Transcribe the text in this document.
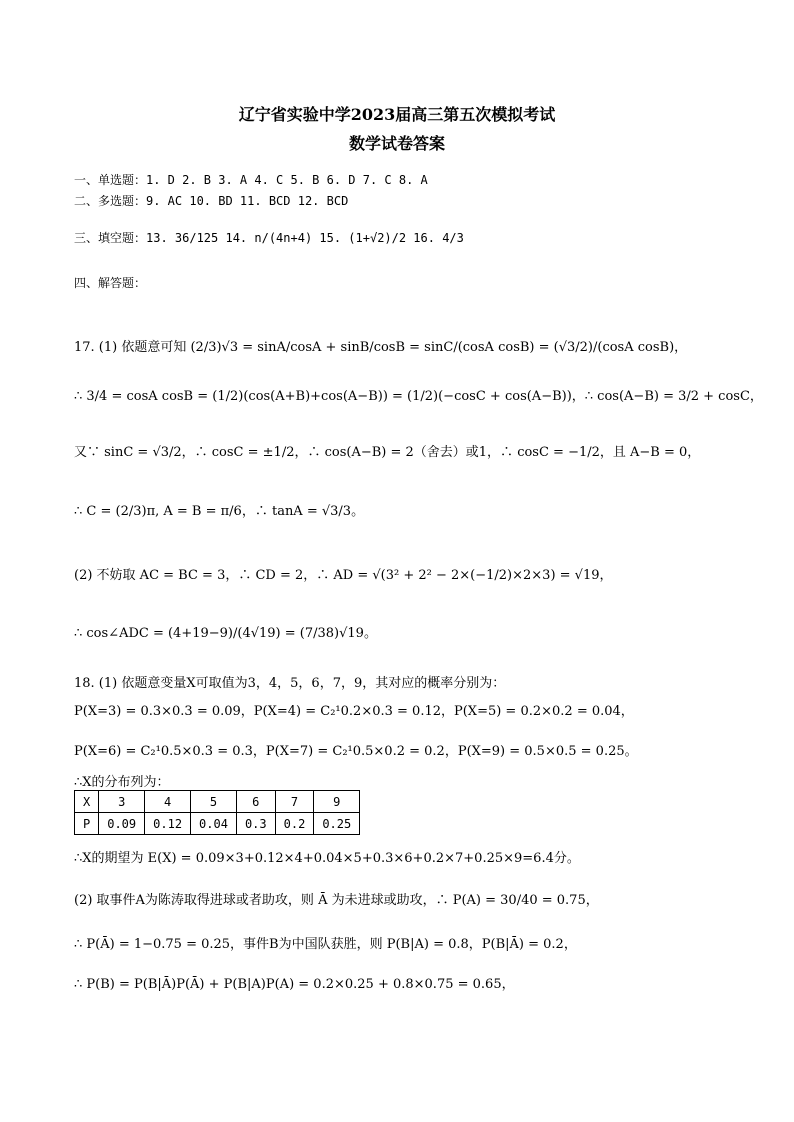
辽宁省实验中学2023届高三第五次模拟考试
数学试卷答案
一、单选题：1. D 2. B 3. A 4. C 5. B 6. D 7. C 8. A
二、多选题：9. AC 10. BD 11. BCD 12. BCD
三、填空题：13. 36/125 14. n/(4n+4) 15. (1+√2)/2 16. 4/3
四、解答题：
17. (1) 依题意可知 (2/3)√3 = sinA/cosA + sinB/cosB = sinC/(cosA cosB) = (√3/2)/(cosA cosB)，
∴ 3/4 = cosA cosB = (1/2)(cos(A+B)+cos(A−B)) = (1/2)(−cosC + cos(A−B))，∴ cos(A−B) = 3/2 + cosC，
又∵ sinC = √3/2，∴ cosC = ±1/2，∴ cos(A−B) = 2（舍去）或1，∴ cosC = −1/2，且 A−B = 0，
∴ C = (2/3)π, A = B = π/6，∴ tanA = √3/3。
(2) 不妨取 AC = BC = 3，∴ CD = 2，∴ AD = √(3² + 2² − 2×(−1/2)×2×3) = √19，
∴ cos∠ADC = (4+19−9)/(4√19) = (7/38)√19。
18. (1) 依题意变量X可取值为3，4，5，6，7，9，其对应的概率分别为：
P(X=3) = 0.3×0.3 = 0.09，P(X=4) = C₂¹0.2×0.3 = 0.12，P(X=5) = 0.2×0.2 = 0.04，
P(X=6) = C₂¹0.5×0.3 = 0.3，P(X=7) = C₂¹0.5×0.2 = 0.2，P(X=9) = 0.5×0.5 = 0.25。
∴X的分布列为：
X	3	4	5	6	7	9
P	0.09	0.12	0.04	0.3	0.2	0.25
∴X的期望为 E(X) = 0.09×3+0.12×4+0.04×5+0.3×6+0.2×7+0.25×9=6.4分。
(2) 取事件A为陈涛取得进球或者助攻，则 Ā 为未进球或助攻，∴ P(A) = 30/40 = 0.75，
∴ P(Ā) = 1−0.75 = 0.25，事件B为中国队获胜，则 P(B|A) = 0.8，P(B|Ā) = 0.2，
∴ P(B) = P(B|Ā)P(Ā) + P(B|A)P(A) = 0.2×0.25 + 0.8×0.75 = 0.65，
